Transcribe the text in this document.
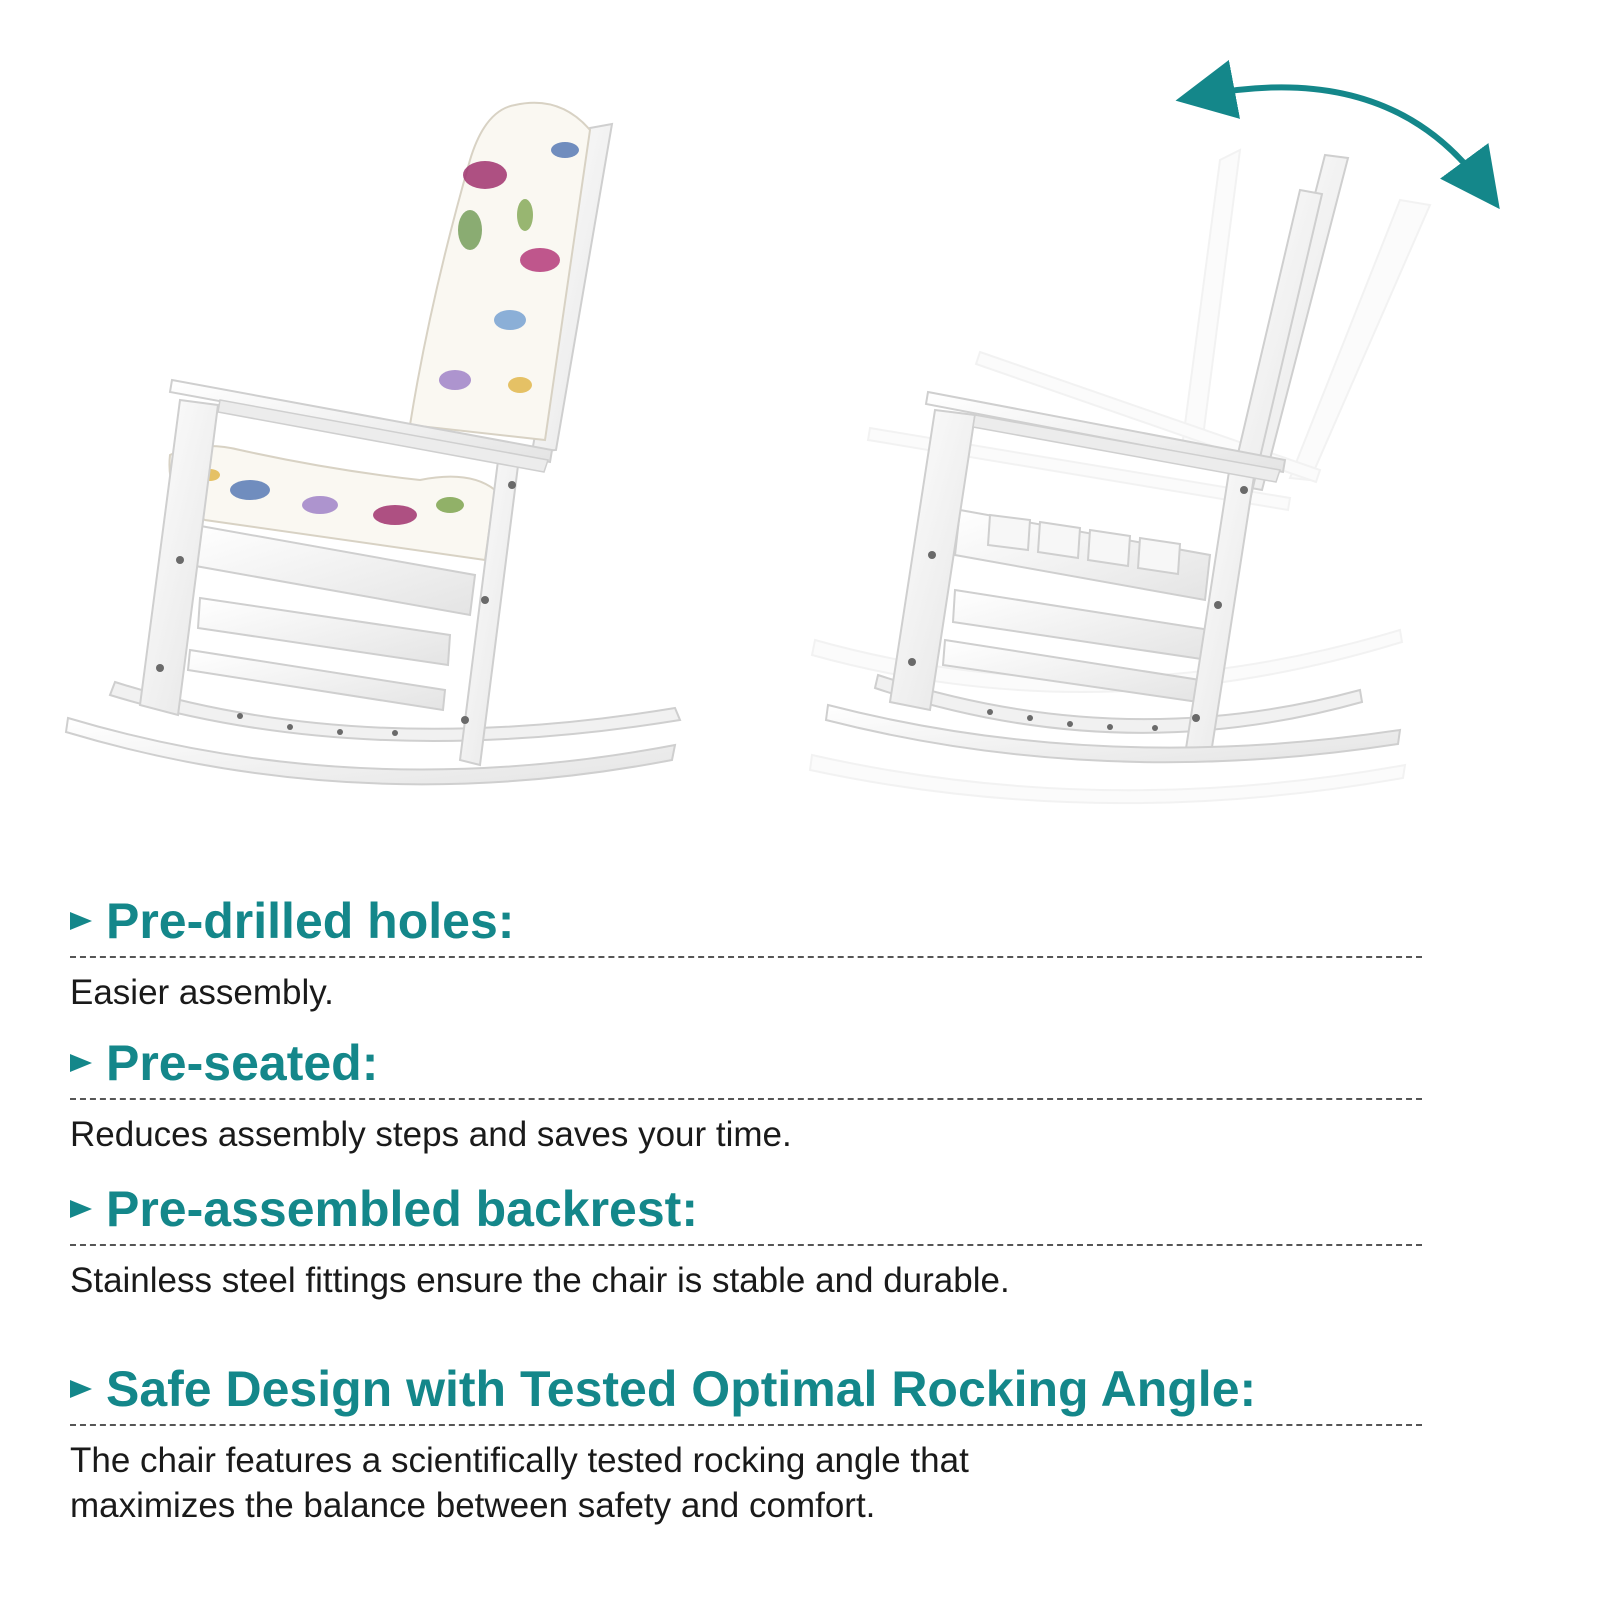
Pre-drilled holes:
Easier assembly.
Pre-seated:
Reduces assembly steps and saves your time.
Pre-assembled backrest:
Stainless steel fittings ensure the chair is stable and durable.
Safe Design with Tested Optimal Rocking Angle:
The chair features a scientifically tested rocking angle that maximizes the balance between safety and comfort.
